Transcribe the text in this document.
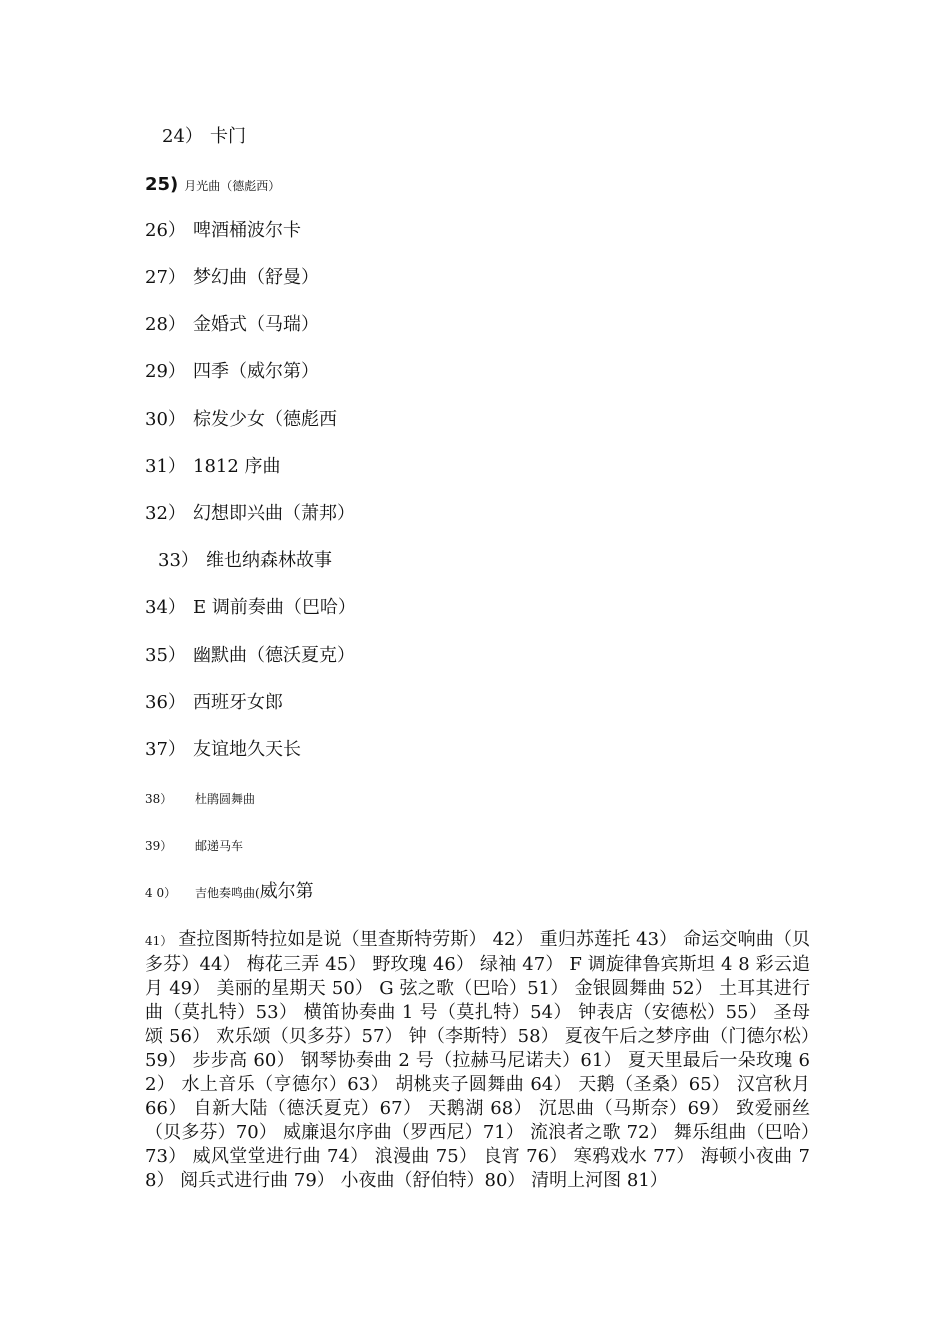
24） 卡门
25) 月光曲（德彪西）
26） 啤酒桶波尔卡
27） 梦幻曲（舒曼）
28） 金婚式（马瑞）
29） 四季（威尔第）
30） 棕发少女（德彪西
31） 1812 序曲
32） 幻想即兴曲（萧邦）
33） 维也纳森林故事
34） E 调前奏曲（巴哈）
35） 幽默曲（德沃夏克）
36） 西班牙女郎
37） 友谊地久天长
38） 杜鹃圆舞曲
39） 邮递马车
4 0） 吉他奏鸣曲(威尔第
41） 查拉图斯特拉如是说（里查斯特劳斯） 42） 重归苏莲托 43） 命运交响曲（贝多芬）44） 梅花三弄 45） 野玫瑰 46） 绿袖 47） F 调旋律鲁宾斯坦 4 8 彩云追月 49） 美丽的星期天 50） G 弦之歌（巴哈）51） 金银圆舞曲 52） 土耳其进行曲（莫扎特）53） 横笛协奏曲 1 号（莫扎特）54） 钟表店（安德松）55） 圣母颂 56） 欢乐颂（贝多芬）57） 钟（李斯特）58） 夏夜午后之梦序曲（门德尔松）59） 步步高 60） 钢琴协奏曲 2 号（拉赫马尼诺夫）61） 夏天里最后一朵玫瑰 62） 水上音乐（亨德尔）63） 胡桃夹子圆舞曲 64） 天鹅（圣桑）65） 汉宫秋月 66） 自新大陆（德沃夏克）67） 天鹅湖 68） 沉思曲（马斯奈）69） 致爱丽丝（贝多芬）70） 威廉退尔序曲（罗西尼）71） 流浪者之歌 72） 舞乐组曲（巴哈）73） 威风堂堂进行曲 74） 浪漫曲 75） 良宵 76） 寒鸦戏水 77） 海顿小夜曲 78） 阅兵式进行曲 79） 小夜曲（舒伯特）80） 清明上河图 81）
